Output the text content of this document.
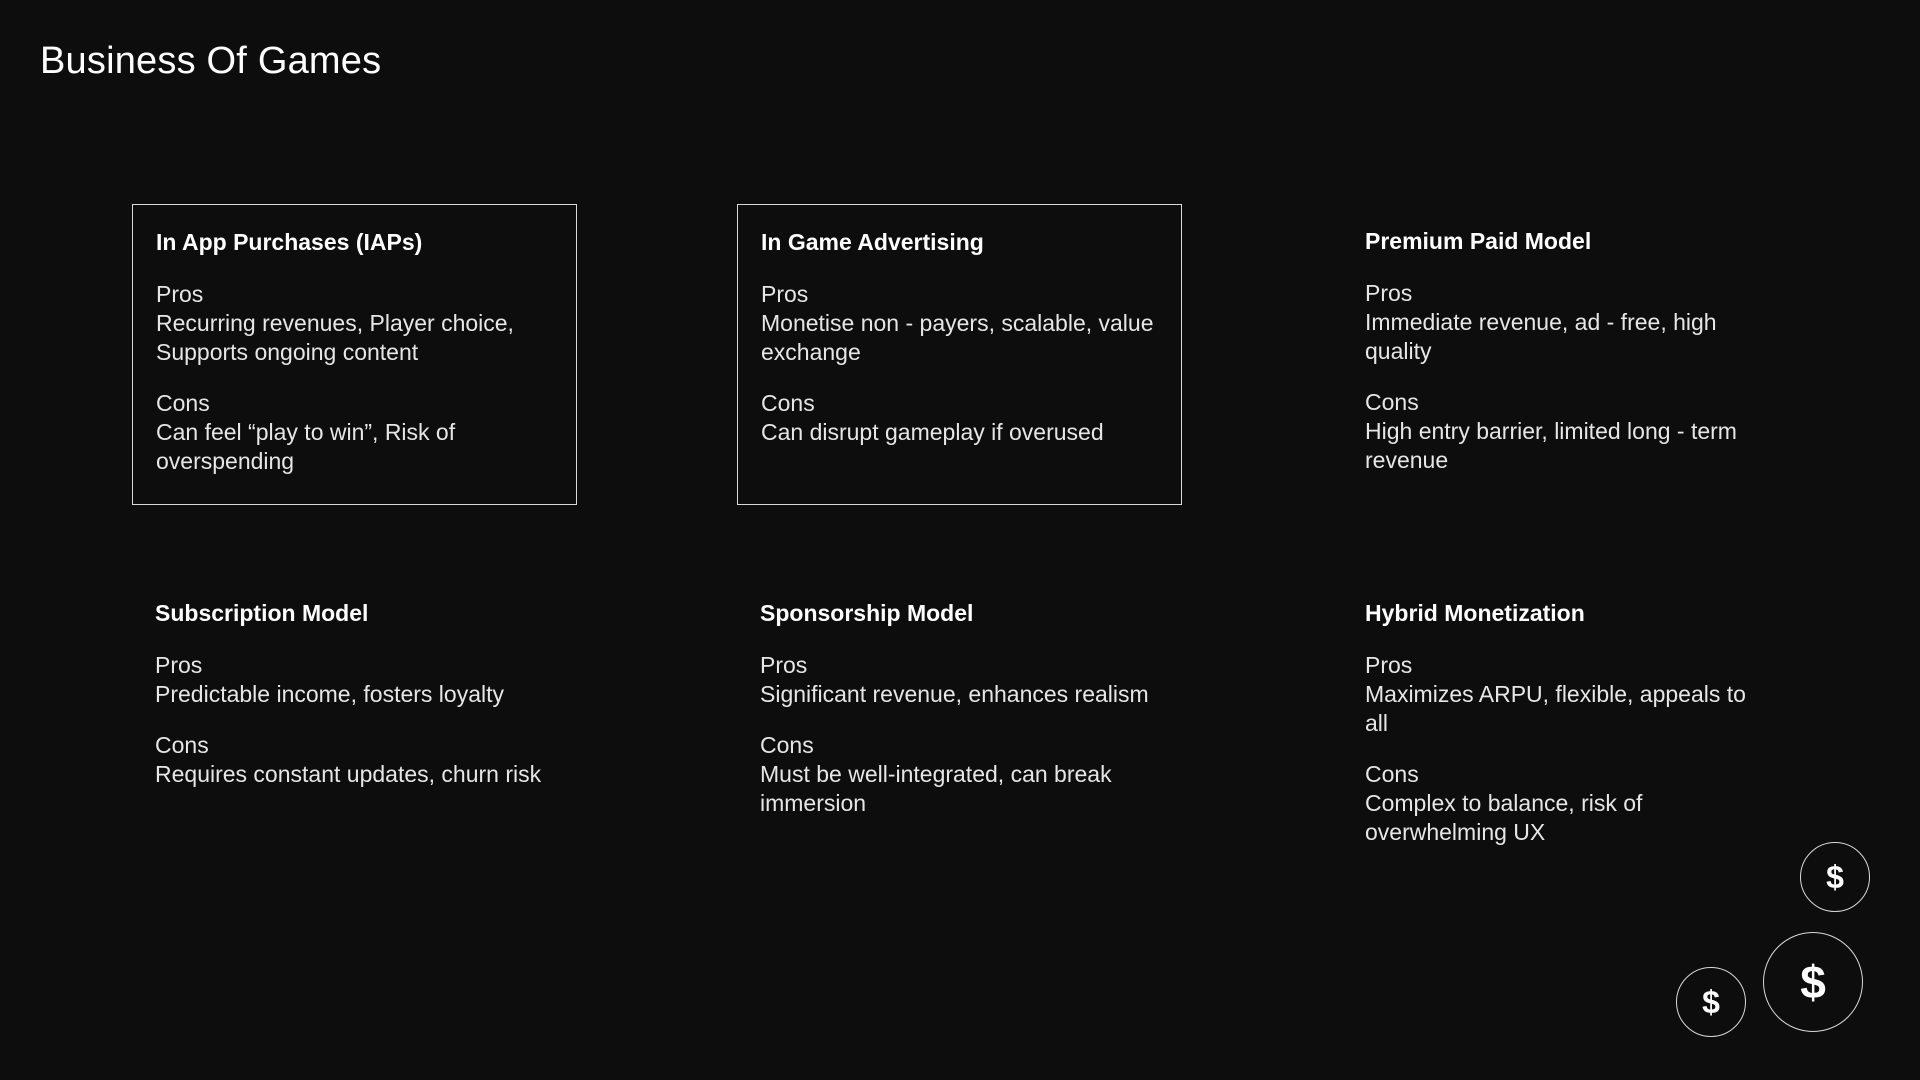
Business Of Games

In App Purchases (IAPs)

Pros

Recurring revenues, Player choice, Supports ongoing content

Cons

Can feel “play to win”, Risk of overspending

In Game Advertising

Pros

Monetise non - payers, scalable, value exchange

Cons

Can disrupt gameplay if overused

Premium Paid Model

Pros

Immediate revenue, ad - free, high quality

Cons

High entry barrier, limited long - term revenue

Subscription Model

Pros

Predictable income, fosters loyalty

Cons

Requires constant updates, churn risk

Sponsorship Model

Pros

Significant revenue, enhances realism

Cons

Must be well-integrated, can break immersion

Hybrid Monetization

Pros

Maximizes ARPU, flexible, appeals to all

Cons

Complex to balance, risk of overwhelming UX

$
$
$
